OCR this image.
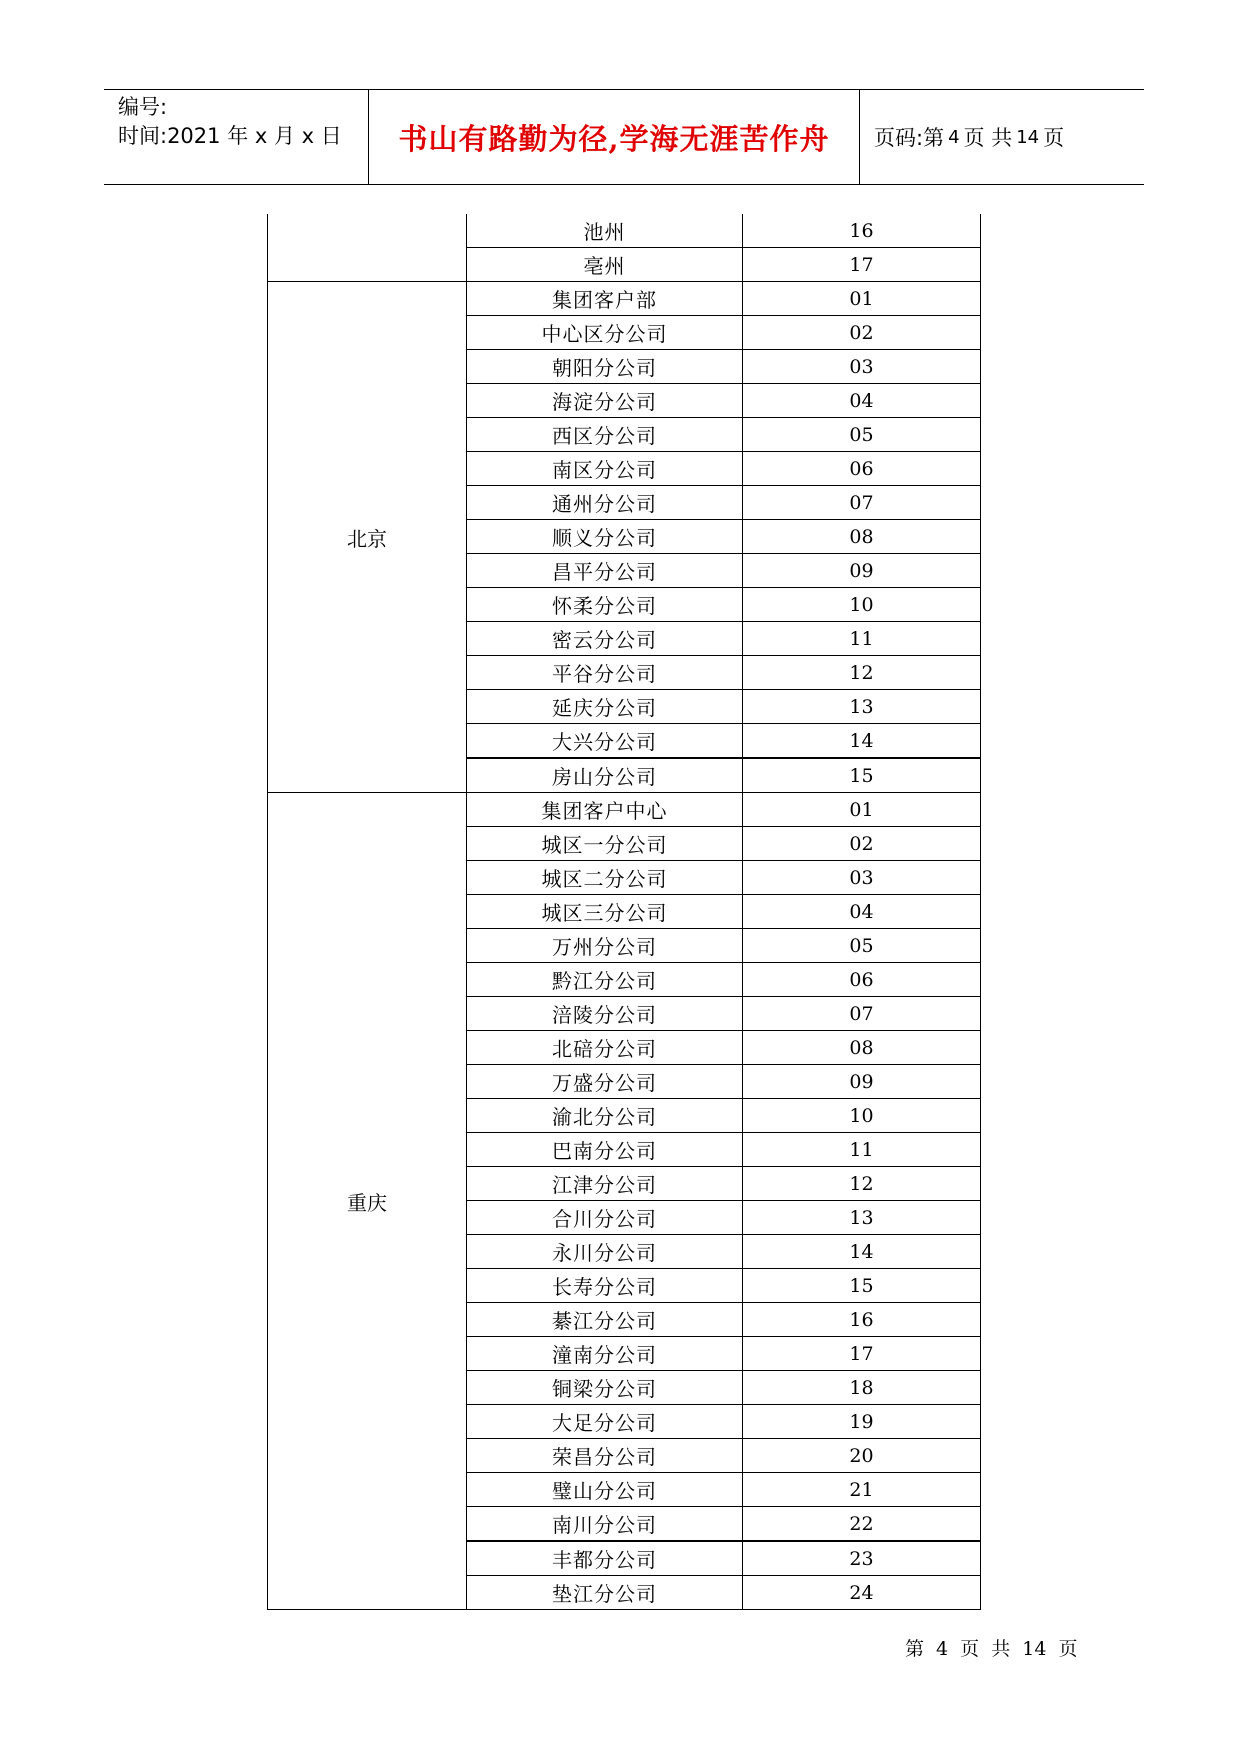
编号:
时间:2021 年 x 月 x 日	书山有路勤为径,学海无涯苦作舟	页码:第 4 页 共 14 页
	池州	16
	亳州	17
北京	集团客户部	01
	中心区分公司	02
	朝阳分公司	03
	海淀分公司	04
	西区分公司	05
	南区分公司	06
	通州分公司	07
	顺义分公司	08
	昌平分公司	09
	怀柔分公司	10
	密云分公司	11
	平谷分公司	12
	延庆分公司	13
	大兴分公司	14
	房山分公司	15
重庆	集团客户中心	01
	城区一分公司	02
	城区二分公司	03
	城区三分公司	04
	万州分公司	05
	黔江分公司	06
	涪陵分公司	07
	北碚分公司	08
	万盛分公司	09
	渝北分公司	10
	巴南分公司	11
	江津分公司	12
	合川分公司	13
	永川分公司	14
	长寿分公司	15
	綦江分公司	16
	潼南分公司	17
	铜梁分公司	18
	大足分公司	19
	荣昌分公司	20
	璧山分公司	21
	南川分公司	22
	丰都分公司	23
	垫江分公司	24
第 4 页 共 14 页
